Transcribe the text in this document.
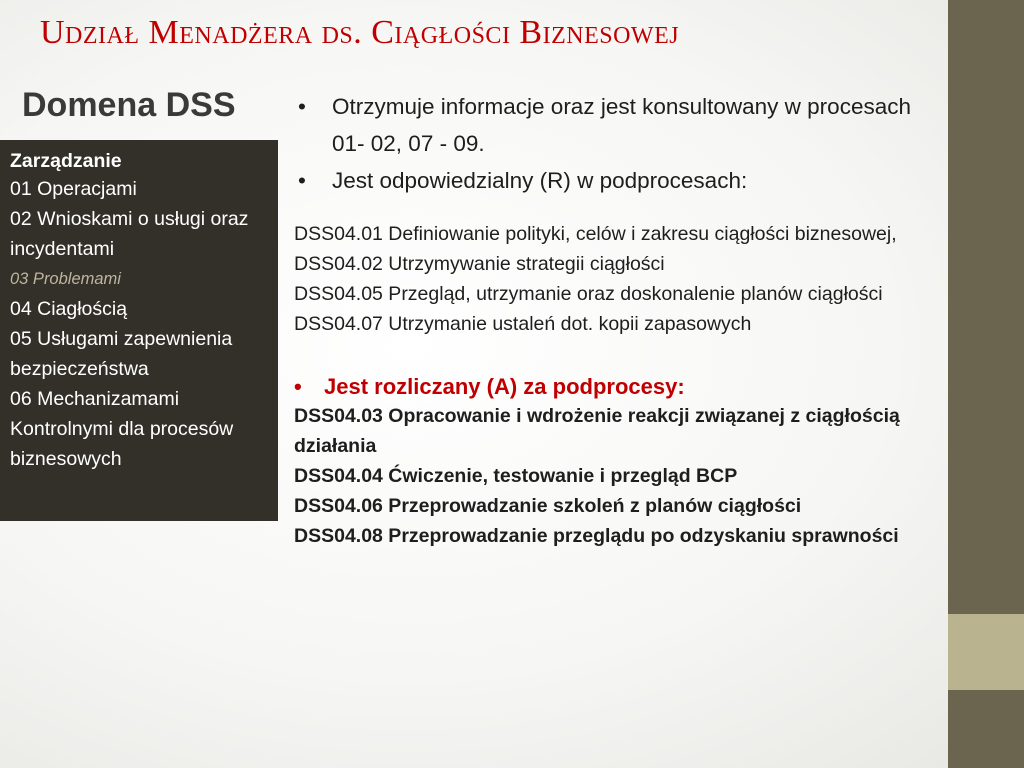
Udział Menadżera ds. Ciągłości Biznesowej
Domena DSS
Zarządzanie
01 Operacjami
02 Wnioskami o usługi oraz incydentami
03 Problemami
04 Ciagłością
05 Usługami zapewnienia bezpieczeństwa
06 Mechanizamami Kontrolnymi dla procesów biznesowych
• Otrzymuje informacje oraz jest konsultowany w procesach 01- 02, 07 - 09.
• Jest odpowiedzialny (R) w podprocesach:
DSS04.01 Definiowanie polityki, celów i zakresu ciągłości biznesowej,
DSS04.02 Utrzymywanie strategii ciągłości
DSS04.05 Przegląd, utrzymanie oraz doskonalenie planów ciągłości
DSS04.07 Utrzymanie ustaleń dot. kopii zapasowych
• Jest rozliczany (A) za podprocesy:
DSS04.03 Opracowanie i wdrożenie reakcji związanej z ciągłością działania
DSS04.04 Ćwiczenie, testowanie i przegląd BCP
DSS04.06 Przeprowadzanie szkoleń z planów ciągłości
DSS04.08 Przeprowadzanie przeglądu po odzyskaniu sprawności
